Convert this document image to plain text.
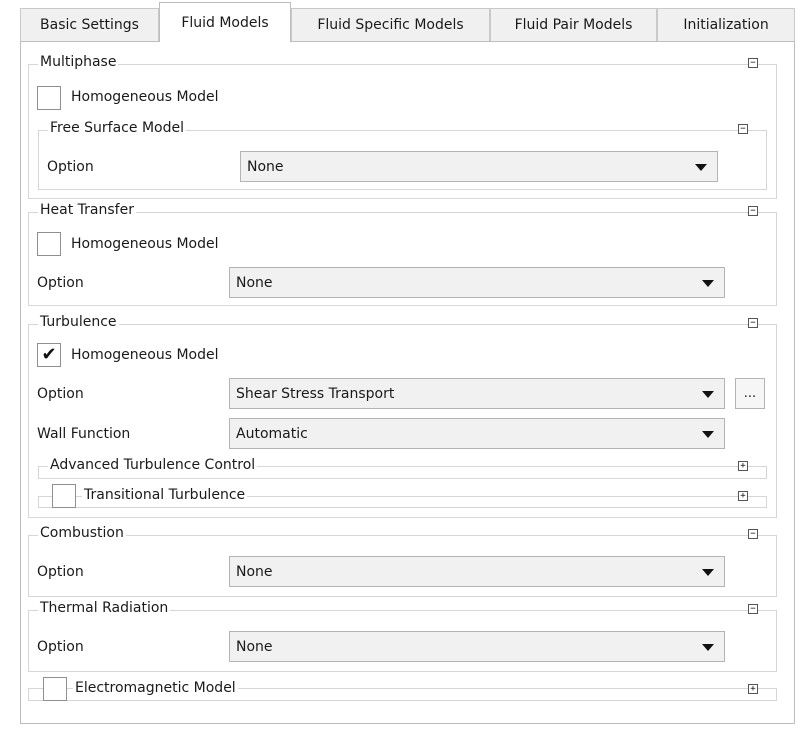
Basic Settings	Fluid Models	Fluid Specific Models	Fluid Pair Models	Initialization
Multiphase	−
Homogeneous Model
Free Surface Model	−
Option	None
Heat Transfer	−
Homogeneous Model
Option	None
Turbulence	−
✔ Homogeneous Model
Option	Shear Stress Transport	...
Wall Function	Automatic
Advanced Turbulence Control	+
Transitional Turbulence	+
Combustion	−
Option	None
Thermal Radiation	−
Option	None
Electromagnetic Model	+
